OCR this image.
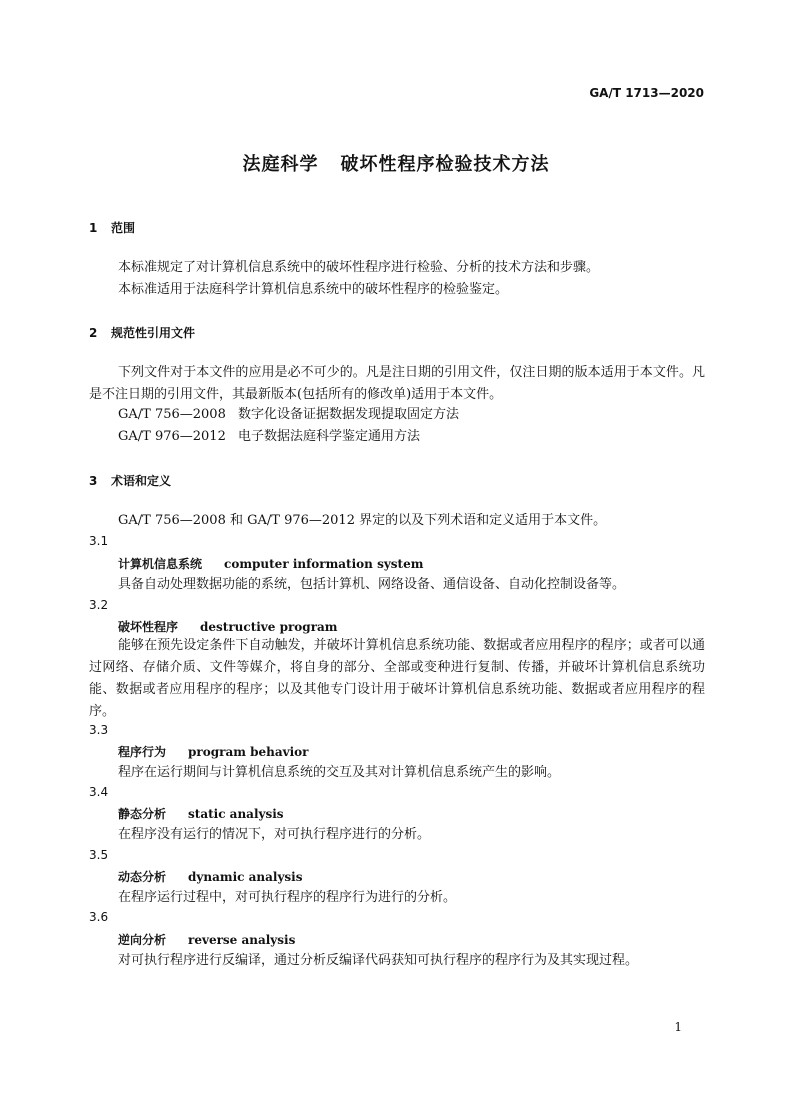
GA/T 1713—2020
法庭科学 破坏性程序检验技术方法
1 范围
本标准规定了对计算机信息系统中的破坏性程序进行检验、分析的技术方法和步骤。
本标准适用于法庭科学计算机信息系统中的破坏性程序的检验鉴定。
2 规范性引用文件
下列文件对于本文件的应用是必不可少的。凡是注日期的引用文件，仅注日期的版本适用于本文件。凡是不注日期的引用文件，其最新版本(包括所有的修改单)适用于本文件。
GA/T 756—2008 数字化设备证据数据发现提取固定方法
GA/T 976—2012 电子数据法庭科学鉴定通用方法
3 术语和定义
GA/T 756—2008 和 GA/T 976—2012 界定的以及下列术语和定义适用于本文件。
3.1
计算机信息系统 computer information system
具备自动处理数据功能的系统，包括计算机、网络设备、通信设备、自动化控制设备等。
3.2
破坏性程序 destructive program
能够在预先设定条件下自动触发，并破坏计算机信息系统功能、数据或者应用程序的程序；或者可以通过网络、存储介质、文件等媒介，将自身的部分、全部或变种进行复制、传播，并破坏计算机信息系统功能、数据或者应用程序的程序；以及其他专门设计用于破坏计算机信息系统功能、数据或者应用程序的程序。
3.3
程序行为 program behavior
程序在运行期间与计算机信息系统的交互及其对计算机信息系统产生的影响。
3.4
静态分析 static analysis
在程序没有运行的情况下，对可执行程序进行的分析。
3.5
动态分析 dynamic analysis
在程序运行过程中，对可执行程序的程序行为进行的分析。
3.6
逆向分析 reverse analysis
对可执行程序进行反编译，通过分析反编译代码获知可执行程序的程序行为及其实现过程。
1
